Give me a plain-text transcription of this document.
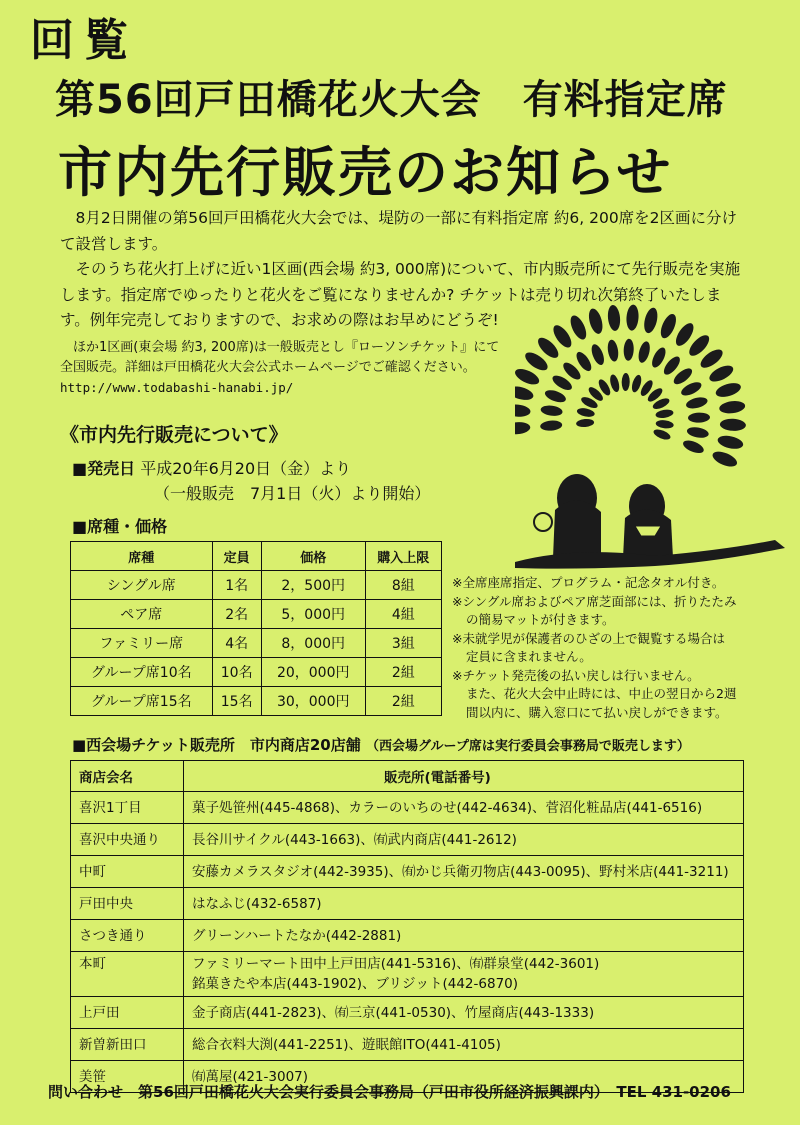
回覧
第56回戸田橋花火大会　有料指定席
市内先行販売のお知らせ

8月2日開催の第56回戸田橋花火大会では、堤防の一部に有料指定席 約6, 200席を2区画に分けて設営します。

そのうち花火打上げに近い1区画(西会場 約3, 000席)について、市内販売所にて先行販売を実施します。指定席でゆったりと花火をご覧になりませんか? チケットは売り切れ次第終了いたします。例年完売しておりますので、お求めの際はお早めにどうぞ!

ほか1区画(東会場 約3, 200席)は一般販売とし『ローソンチケット』にて
全国販売。詳細は戸田橋花火大会公式ホームページでご確認ください。
http://www.todabashi-hanabi.jp/
《市内先行販売について》
■発売日 平成20年6月20日（金）より
（一般販売　7月1日（火）より開始）
■席種・価格
席種	定員	価格	購入上限
シングル席	1名	2，500円	8組
ペア席	2名	5，000円	4組
ファミリー席	4名	8，000円	3組
グループ席10名	10名	20，000円	2組
グループ席15名	15名	30，000円	2組

※全席座席指定、プログラム・記念タオル付き。

※シングル席およびペア席芝面部には、折りたたみ

の簡易マットが付きます。

※未就学児が保護者のひざの上で観覧する場合は

定員に含まれません。

※チケット発売後の払い戻しは行いません。

また、花火大会中止時には、中止の翌日から2週

間以内に、購入窓口にて払い戻しができます。

■西会場チケット販売所　市内商店20店舗 （西会場グループ席は実行委員会事務局で販売します）
商店会名	販売所(電話番号)
喜沢1丁目	菓子処笹州(445-4868)、カラーのいちのせ(442-4634)、菅沼化粧品店(441-6516)

喜沢中央通り	長谷川サイクル(443-1663)、㈲武内商店(441-2612)

中町	安藤カメラスタジオ(442-3935)、㈲かじ兵衛刃物店(443-0095)、野村米店(441-3211)

戸田中央	はなふじ(432-6587)

さつき通り	グリーンハートたなか(442-2881)

本町	ファミリーマート田中上戸田店(441-5316)、㈲群泉堂(442-3601)
銘菓きたや本店(443-1902)、ブリジット(442-6870)

上戸田	金子商店(441-2823)、㈲三京(441-0530)、竹屋商店(443-1333)

新曽新田口	総合衣料大渕(441-2251)、遊眠館ITO(441-4105)

美笹	㈲萬屋(421-3007)
問い合わせ　第56回戸田橋花火大会実行委員会事務局（戸田市役所経済振興課内）　TEL 431-0206
